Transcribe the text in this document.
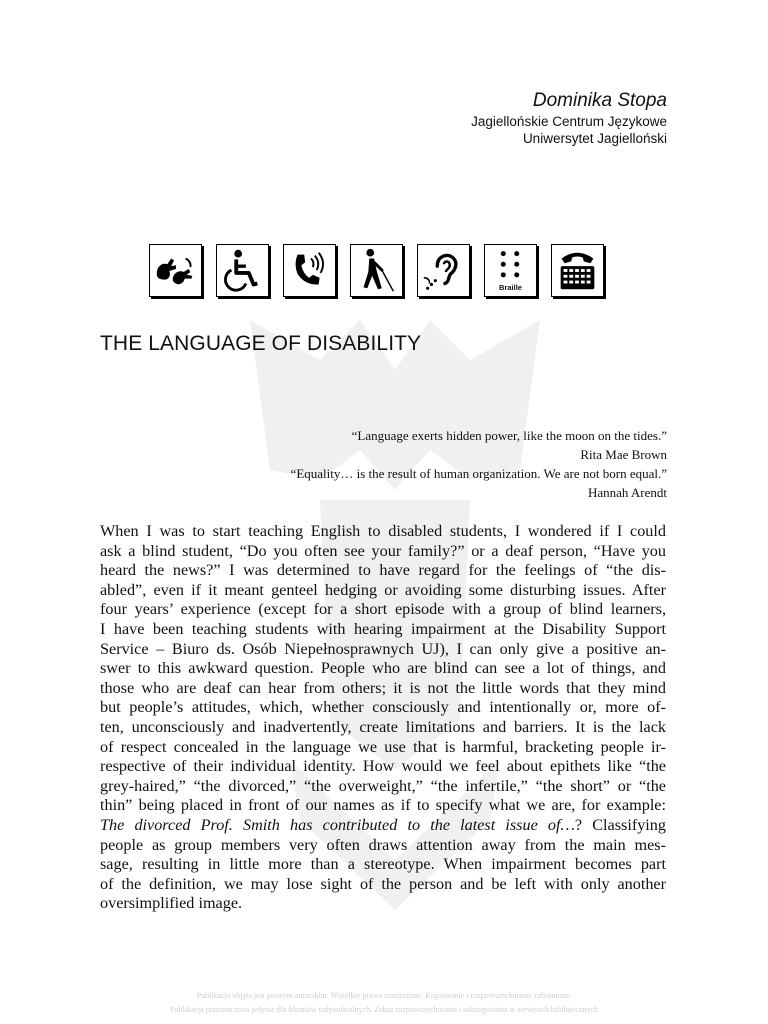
Dominika Stopa
Jagiellońskie Centrum Językowe
Uniwersytet Jagielloński
Braille
THE LANGUAGE OF DISABILITY
“Language exerts hidden power, like the moon on the tides.”
Rita Mae Brown
“Equality… is the result of human organization. We are not born equal.”
Hannah Arendt
When I was to start teaching English to disabled students, I wondered if I could
ask a blind student, “Do you often see your family?” or a deaf person, “Have you
heard the news?” I was determined to have regard for the feelings of “the dis-
abled”, even if it meant genteel hedging or avoiding some disturbing issues. After
four years’ experience (except for a short episode with a group of blind learners,
I have been teaching students with hearing impairment at the Disability Support
Service – Biuro ds. Osób Niepełnosprawnych UJ), I can only give a positive an-
swer to this awkward question. People who are blind can see a lot of things, and
those who are deaf can hear from others; it is not the little words that they mind
but people’s attitudes, which, whether consciously and intentionally or, more of-
ten, unconsciously and inadvertently, create limitations and barriers. It is the lack
of respect concealed in the language we use that is harmful, bracketing people ir-
respective of their individual identity. How would we feel about epithets like “the
grey-haired,” “the divorced,” “the overweight,” “the infertile,” “the short” or “the
thin” being placed in front of our names as if to specify what we are, for example:
The divorced Prof. Smith has contributed to the latest issue of…? Classifying
people as group members very often draws attention away from the main mes-
sage, resulting in little more than a stereotype. When impairment becomes part
of the definition, we may lose sight of the person and be left with only another
oversimplified image.
Publikacja objęta jest prawem autorskim. Wszelkie prawa zastrzeżone. Kopiowanie i rozpowszechnianie zabronione.
Publikacja przeznaczona jedynie dla klientów indywidualnych. Zakaz rozpowszechniania i udostępniania w serwisach bibliotecznych
